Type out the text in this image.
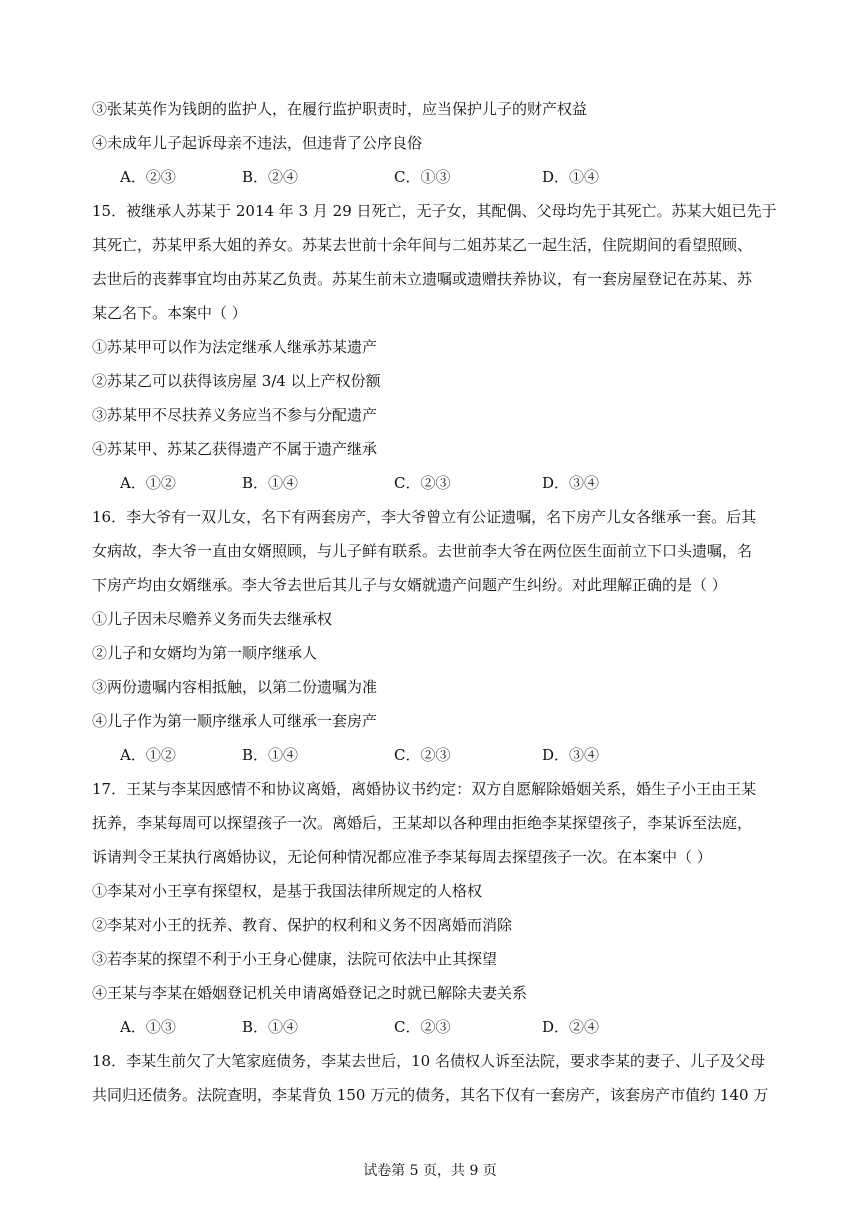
③张某英作为钱朗的监护人，在履行监护职责时，应当保护儿子的财产权益
④未成年儿子起诉母亲不违法，但违背了公序良俗
A．②③	B．②④	C．①③	D．①④
15．被继承人苏某于 2014 年 3 月 29 日死亡，无子女，其配偶、父母均先于其死亡。苏某大姐已先于
其死亡，苏某甲系大姐的养女。苏某去世前十余年间与二姐苏某乙一起生活，住院期间的看望照顾、
去世后的丧葬事宜均由苏某乙负责。苏某生前未立遗嘱或遗赠扶养协议，有一套房屋登记在苏某、苏
某乙名下。本案中（ ）
①苏某甲可以作为法定继承人继承苏某遗产
②苏某乙可以获得该房屋 3/4 以上产权份额
③苏某甲不尽扶养义务应当不参与分配遗产
④苏某甲、苏某乙获得遗产不属于遗产继承
A．①②	B．①④	C．②③	D．③④
16．李大爷有一双儿女，名下有两套房产，李大爷曾立有公证遗嘱，名下房产儿女各继承一套。后其
女病故，李大爷一直由女婿照顾，与儿子鲜有联系。去世前李大爷在两位医生面前立下口头遗嘱，名
下房产均由女婿继承。李大爷去世后其儿子与女婿就遗产问题产生纠纷。对此理解正确的是（ ）
①儿子因未尽赡养义务而失去继承权
②儿子和女婿均为第一顺序继承人
③两份遗嘱内容相抵触，以第二份遗嘱为准
④儿子作为第一顺序继承人可继承一套房产
A．①②	B．①④	C．②③	D．③④
17．王某与李某因感情不和协议离婚，离婚协议书约定：双方自愿解除婚姻关系，婚生子小王由王某
抚养，李某每周可以探望孩子一次。离婚后，王某却以各种理由拒绝李某探望孩子，李某诉至法庭，
诉请判令王某执行离婚协议，无论何种情况都应准予李某每周去探望孩子一次。在本案中（ ）
①李某对小王享有探望权，是基于我国法律所规定的人格权
②李某对小王的抚养、教育、保护的权利和义务不因离婚而消除
③若李某的探望不利于小王身心健康，法院可依法中止其探望
④王某与李某在婚姻登记机关申请离婚登记之时就已解除夫妻关系
A．①③	B．①④	C．②③	D．②④
18．李某生前欠了大笔家庭债务，李某去世后，10 名债权人诉至法院，要求李某的妻子、儿子及父母
共同归还债务。法院查明，李某背负 150 万元的债务，其名下仅有一套房产，该套房产市值约 140 万
试卷第 5 页，共 9 页
